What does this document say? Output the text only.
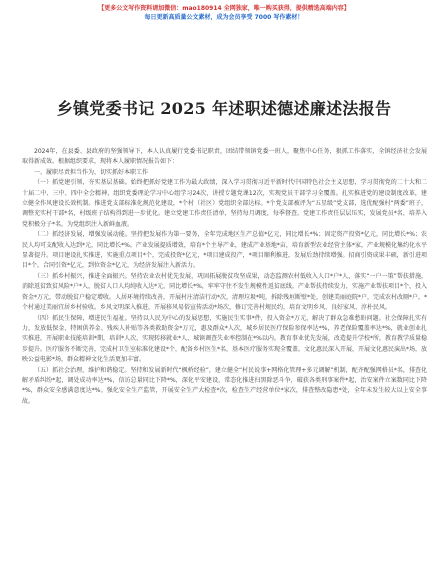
【更多公文写作资料请加微信：mao180914 全网独家，唯一购买获得，提供精选高端内容】
每日更新高质量公文素材，成为会员享受 7000 写作素材！
乡镇党委书记 2025 年述职述德述廉述法报告

2024年，在县委、县政府的坚强领导下，本人认真履行党委书记职责，团结带领镇党委一班人，聚焦中心任务，狠抓工作落实，全镇经济社会发展取得新成效。根据组织要求，现将本人履职情况报告如下：

一、履职尽责担当作为，切实抓好本职工作

（一）抓党建引领，夯实基层基础。始终把抓好党建工作为最大政绩，深入学习贯彻习近平新时代中国特色社会主义思想，学习贯彻党的二十大和二十届二中、三中、四中全会精神，组织党委理论学习中心组学习24次，讲授专题党课12次，实现党员干部学习全覆盖。扎实推进党的建设制度改革，建立健全作风建设长效机制。推进党支部标准化规范化建设，*个村（社区）党组织全部达标。*个党支部被评为“五星级”党支部，选优配强村“两委”班子，调整充实村干部*名，村级班子结构得到进一步优化。建立党建工作责任清单，坚持每月调度，每季督查，党建工作责任层层压实，发展党员*名，培养入党积极分子*名，为党组织注入新鲜血液。

（二）抓经济发展，增强发展动能。坚持把发展作为第一要务，全年完成地区生产总值*亿元，同比增长*%；固定资产投资*亿元，同比增长*%；农民人均可支配收入达到*元，同比增长*%。产业发展提质增效，培育*个主导产业，建成产业基地*亩，培育新型农业经营主体*家，产业规模化集约化水平显著提升。项目建设扎实推进，实施重点项目*个，完成投资*亿元，*项目建成投产，*项目顺利推进，发展后劲持续增强。招商引资成果丰硕，新引进项目*个，合同引资*亿元，到位资金*亿元，为经济发展注入新活力。

（三）抓乡村振兴，推进全面振兴。坚持农业农村优先发展，巩固拓展脱贫攻坚成果，动态监测农村低收入人口*户*人，落实“一户一策”帮扶措施，消除返贫致贫风险*户*人，脱贫人口人均纯收入达*元，同比增长*%，牢牢守住不发生规模性返贫底线。产业帮扶持续发力，实施产业帮扶项目*个，投入资金*万元，带动脱贫户稳定增收。人居环境持续改善，开展村庄清洁行动*次，清理垃圾*吨，拆除残垣断壁*处，创建美丽庭院*户，完成农村改厕*户，*个村通过美丽宜居乡村验收。乡风文明深入推进，开展移风易俗宣传活动*场次，修订完善村规民约，培育文明乡风、良好家风、淳朴民风。

（四）抓民生保障，增进民生福祉。坚持以人民为中心的发展思想，实施民生实事*件，投入资金*万元，解决了群众急难愁盼问题。社会保障扎实有力，发放低保金、特困供养金、残疾人补贴等各类救助资金*万元，惠及群众*人次，城乡居民医疗保险参保率达*%，养老保险覆盖率达*%，就业创业扎实推进，开展职业技能培训*期，培训*人次，实现转移就业*人，城镇调查失业率控制在*%以内。教育事业优先发展，改造提升学校*所，教育教学质量稳步提升。医疗服务不断完善，完成村卫生室标准化建设*个，配备乡村医生*名，基本医疗服务实现全覆盖。文化惠民深入开展，开展文化惠民演出*场，放映公益电影*场，群众精神文化生活更加丰富。

（五）抓社会治理，维护和谐稳定。坚持和发展新时代“枫桥经验”，建立健全“村民说事+网格化管理+多元调解”机制，配齐配强网格员*名，排查化解矛盾纠纷*起，调处成功率达*%，信访总量同比下降*%，深化平安建设，常态化推进扫黑除恶斗争，破获各类刑事案件*起，治安案件立案数同比下降*%，群众安全感满意度达*%。强化安全生产监管，开展安全生产大检查*次，检查生产经营单位*家次，排查整改隐患*处，全年未发生较大以上安全事故。
